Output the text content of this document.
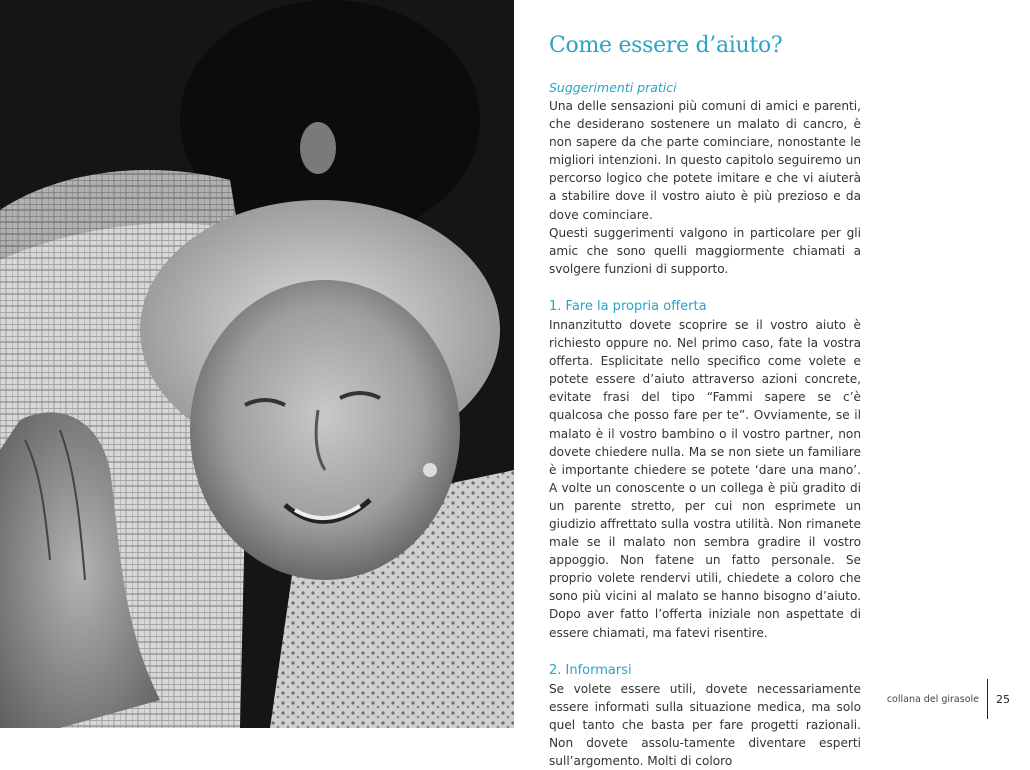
Come essere d’aiuto?
Suggerimenti pratici

Una delle sensazioni più comuni di amici e parenti, che desiderano sostenere un malato di cancro, è non sapere da che parte cominciare, nonostante le migliori intenzioni. In questo capitolo seguiremo un percorso logico che potete imitare e che vi aiuterà a stabilire dove il vostro aiuto è più prezioso e da dove cominciare.

Questi suggerimenti valgono in particolare per gli amic che sono quelli maggiormente chiamati a svolgere funzioni di supporto.

1. Fare la propria offerta

Innanzitutto dovete scoprire se il vostro aiuto è richiesto oppure no. Nel primo caso, fate la vostra offerta. Esplicitate nello specifico come volete e potete essere d’aiuto attraverso azioni concrete, evitate frasi del tipo “Fammi sapere se c’è qualcosa che posso fare per te”. Ovviamente, se il malato è il vostro bambino o il vostro partner, non dovete chiedere nulla. Ma se non siete un familiare è importante chiedere se potete ‘dare una mano’. A volte un conoscente o un collega è più gradito di un parente stretto, per cui non esprimete un giudizio affrettato sulla vostra utilità. Non rimanete male se il malato non sembra gradire il vostro appoggio. Non fatene un fatto personale. Se proprio volete rendervi utili, chiedete a coloro che sono più vicini al malato se hanno bisogno d’aiuto. Dopo aver fatto l’offerta iniziale non aspettate di essere chiamati, ma fatevi risentire.

2. Informarsi

Se volete essere utili, dovete necessariamente essere informati sulla situazione medica, ma solo quel tanto che basta per fare progetti razionali. Non dovete assolu-tamente diventare esperti sull’argomento. Molti di coloro

collana del girasole 25
